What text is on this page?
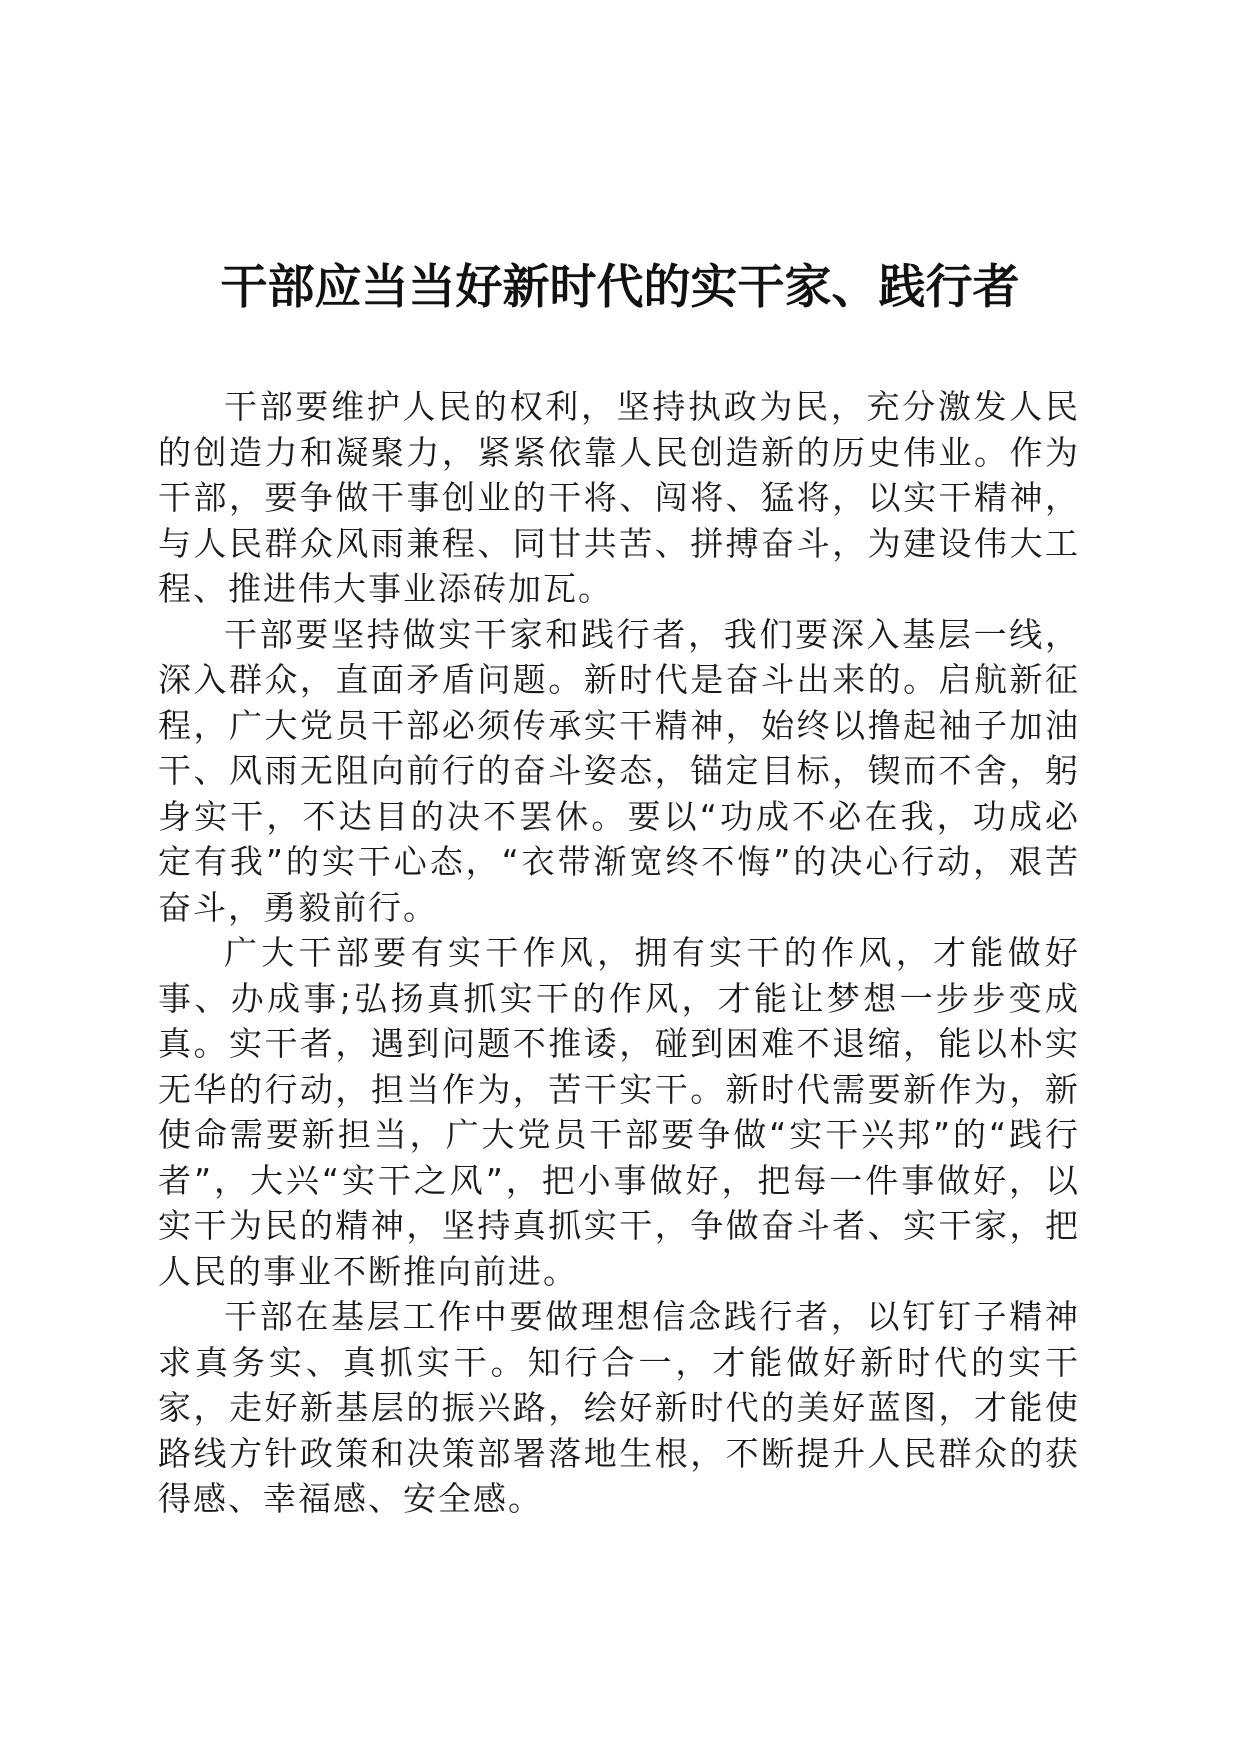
干部应当当好新时代的实干家、践行者

干部要维护人民的权利，坚持执政为民，充分激发人民的创造力和凝聚力，紧紧依靠人民创造新的历史伟业。作为干部，要争做干事创业的干将、闯将、猛将，以实干精神，与人民群众风雨兼程、同甘共苦、拼搏奋斗，为建设伟大工程、推进伟大事业添砖加瓦。

干部要坚持做实干家和践行者，我们要深入基层一线，深入群众，直面矛盾问题。新时代是奋斗出来的。启航新征程，广大党员干部必须传承实干精神，始终以撸起袖子加油干、风雨无阻向前行的奋斗姿态，锚定目标，锲而不舍，躬身实干，不达目的决不罢休。要以“功成不必在我，功成必定有我”的实干心态，“衣带渐宽终不悔”的决心行动，艰苦奋斗，勇毅前行。

广大干部要有实干作风，拥有实干的作风，才能做好事、办成事;弘扬真抓实干的作风，才能让梦想一步步变成真。实干者，遇到问题不推诿，碰到困难不退缩，能以朴实无华的行动，担当作为，苦干实干。新时代需要新作为，新使命需要新担当，广大党员干部要争做“实干兴邦”的“践行者”，大兴“实干之风”，把小事做好，把每一件事做好，以实干为民的精神，坚持真抓实干，争做奋斗者、实干家，把人民的事业不断推向前进。

干部在基层工作中要做理想信念践行者，以钉钉子精神求真务实、真抓实干。知行合一，才能做好新时代的实干家，走好新基层的振兴路，绘好新时代的美好蓝图，才能使路线方针政策和决策部署落地生根，不断提升人民群众的获得感、幸福感、安全感。
